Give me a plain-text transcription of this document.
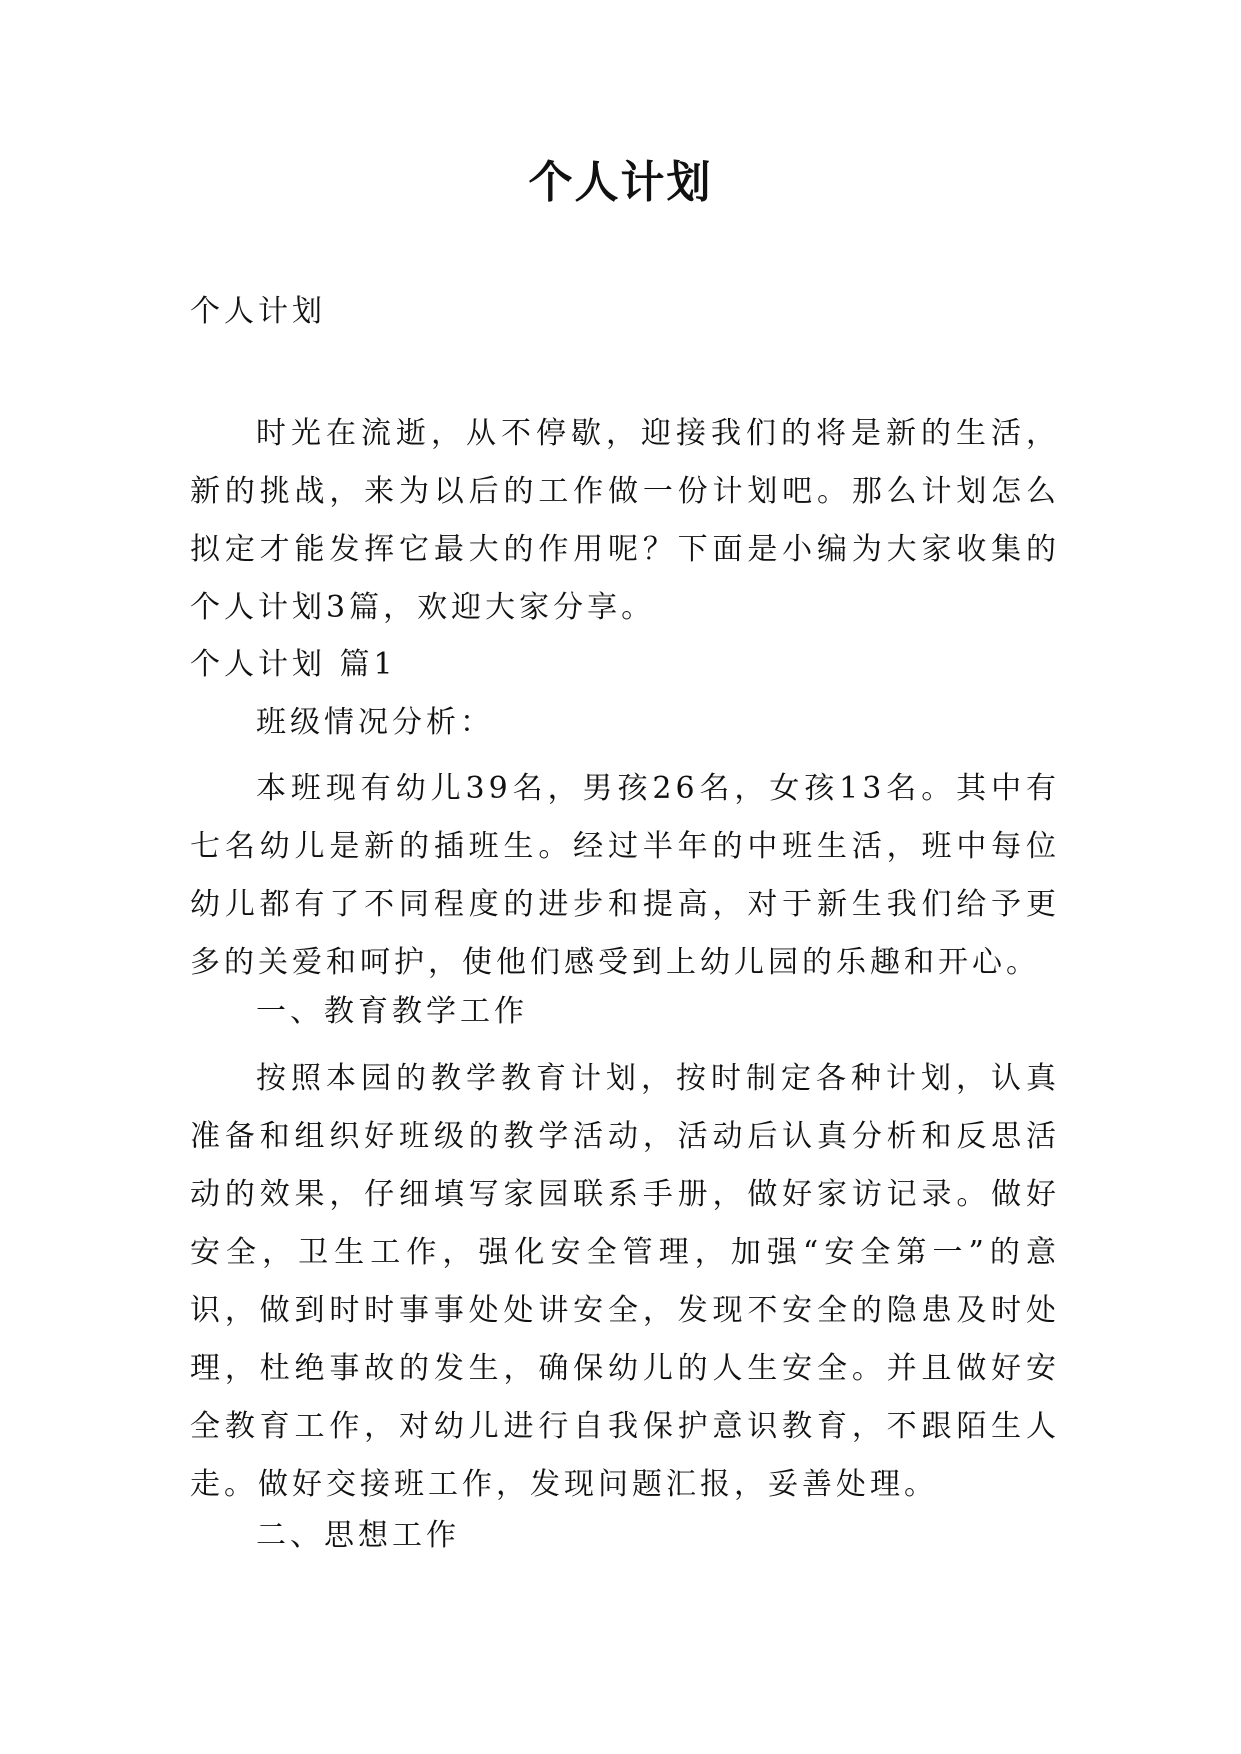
个人计划
个人计划
时光在流逝，从不停歇，迎接我们的将是新的生活，新的挑战，来为以后的工作做一份计划吧。那么计划怎么拟定才能发挥它最大的作用呢？下面是小编为大家收集的个人计划3篇，欢迎大家分享。
个人计划 篇1
班级情况分析：
本班现有幼儿39名，男孩26名，女孩13名。其中有七名幼儿是新的插班生。经过半年的中班生活，班中每位幼儿都有了不同程度的进步和提高，对于新生我们给予更多的关爱和呵护，使他们感受到上幼儿园的乐趣和开心。
一、教育教学工作
按照本园的教学教育计划，按时制定各种计划，认真准备和组织好班级的教学活动，活动后认真分析和反思活动的效果，仔细填写家园联系手册，做好家访记录。做好安全，卫生工作，强化安全管理，加强“安全第一”的意识，做到时时事事处处讲安全，发现不安全的隐患及时处理，杜绝事故的发生，确保幼儿的人生安全。并且做好安全教育工作，对幼儿进行自我保护意识教育，不跟陌生人走。做好交接班工作，发现问题汇报，妥善处理。
二、思想工作
